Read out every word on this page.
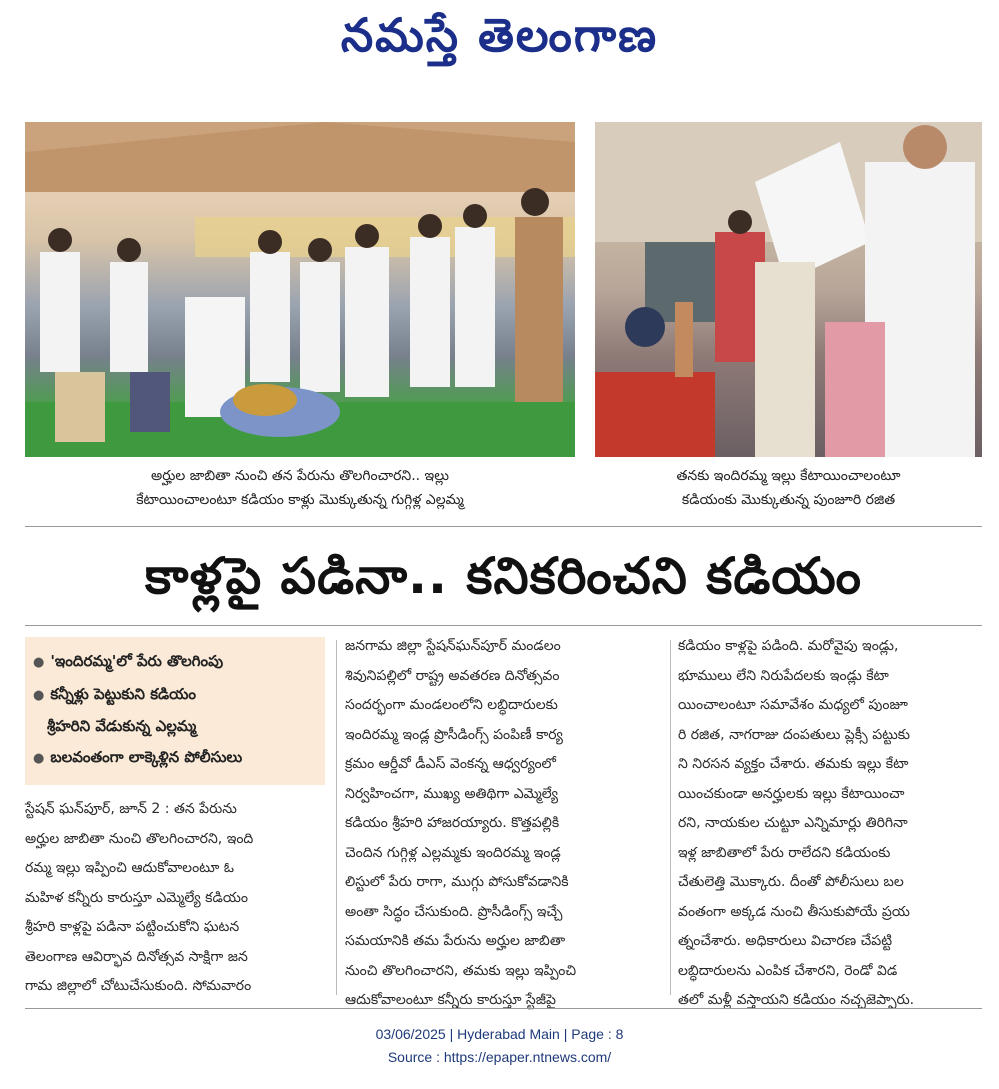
నమస్తే తెలంగాణ
అర్హుల జాబితా నుంచి తన పేరును తొలగించారని.. ఇల్లు
కేటాయించాలంటూ కడియం కాళ్లు మొక్కుతున్న గుగ్గిళ్ల ఎల్లమ్మ
తనకు ఇందిరమ్మ ఇల్లు కేటాయించాలంటూ
కడియంకు మొక్కుతున్న పుంజూరి రజిత
కాళ్లపై పడినా.. కనికరించని కడియం
● 'ఇందిరమ్మ'లో పేరు తొలగింపు
● కన్నీళ్లు పెట్టుకుని కడియం
శ్రీహరిని వేడుకున్న ఎల్లమ్మ
● బలవంతంగా లాక్కెళ్లిన పోలీసులు
స్టేషన్ ఘన్‌పూర్, జూన్ 2 : తన పేరును
అర్హుల జాబితా నుంచి తొలగించారని, ఇంది
రమ్మ ఇల్లు ఇప్పించి ఆదుకోవాలంటూ ఓ
మహిళ కన్నీరు కారుస్తూ ఎమ్మెల్యే కడియం
శ్రీహరి కాళ్లపై పడినా పట్టించుకోని ఘటన
తెలంగాణ ఆవిర్భావ దినోత్సవ సాక్షిగా జన
గామ జిల్లాలో చోటుచేసుకుంది. సోమవారం
జనగామ జిల్లా స్టేషన్‌ఘన్‌పూర్ మండలం
శివునిపల్లిలో రాష్ట్ర అవతరణ దినోత్సవం
సందర్భంగా మండలంలోని లబ్ధిదారులకు
ఇందిరమ్మ ఇండ్ల ప్రొసీడింగ్స్ పంపిణీ కార్య
క్రమం ఆర్డీవో డీఎస్ వెంకన్న ఆధ్వర్యంలో
నిర్వహించగా, ముఖ్య అతిథిగా ఎమ్మెల్యే
కడియం శ్రీహరి హాజరయ్యారు. కొత్తపల్లికి
చెందిన గుగ్గిళ్ల ఎల్లమ్మకు ఇందిరమ్మ ఇండ్ల
లిస్టులో పేరు రాగా, ముగ్గు పోసుకోవడానికి
అంతా సిద్ధం చేసుకుంది. ప్రొసీడింగ్స్ ఇచ్చే
సమయానికి తమ పేరును అర్హుల జాబితా
నుంచి తొలగించారని, తమకు ఇల్లు ఇప్పించి
ఆదుకోవాలంటూ కన్నీరు కారుస్తూ స్టేజీపై
కడియం కాళ్లపై పడింది. మరోవైపు ఇండ్లు,
భూములు లేని నిరుపేదలకు ఇండ్లు కేటా
యించాలంటూ సమావేశం మధ్యలో పుంజూ
రి రజిత, నాగరాజు దంపతులు ప్లెక్సీ పట్టుకు
ని నిరసన వ్యక్తం చేశారు. తమకు ఇల్లు కేటా
యించకుండా అనర్హులకు ఇల్లు కేటాయించా
రని, నాయకుల చుట్టూ ఎన్నిమార్లు తిరిగినా
ఇళ్ల జాబితాలో పేరు రాలేదని కడియంకు
చేతులెత్తి మొక్కారు. దీంతో పోలీసులు బల
వంతంగా అక్కడ నుంచి తీసుకుపోయే ప్రయ
త్నంచేశారు. అధికారులు విచారణ చేపట్టి
లబ్ధిదారులను ఎంపిక చేశారని, రెండో విడ
తలో మళ్లీ వస్తాయని కడియం నచ్చజెప్పారు.
03/06/2025 | Hyderabad Main | Page : 8
Source : https://epaper.ntnews.com/
